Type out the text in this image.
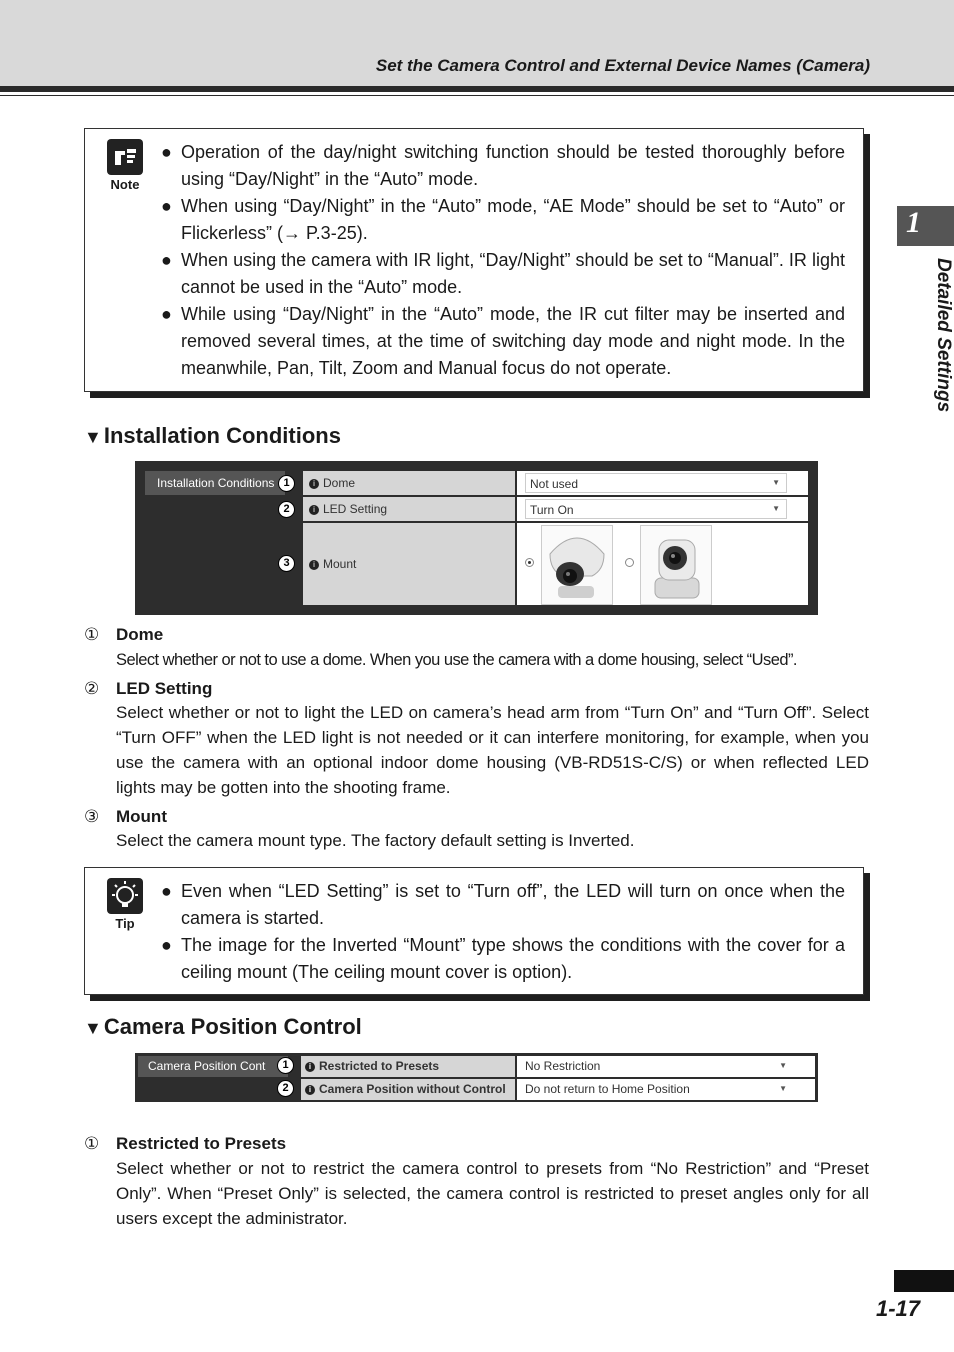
Set the Camera Control and External Device Names (Camera)
Note
● Operation of the day/night switching function should be tested thoroughly before using “Day/Night” in the “Auto” mode.
● When using “Day/Night” in the “Auto” mode, “AE Mode” should be set to “Auto” or Flickerless” (→ P.3-25).
● When using the camera with IR light, “Day/Night” should be set to “Manual”. IR light cannot be used in the “Auto” mode.
● While using “Day/Night” in the “Auto” mode, the IR cut filter may be inserted and removed several times, at the time of switching day mode and night mode. In the meanwhile, Pan, Tilt, Zoom and Manual focus do not operate.
▼Installation Conditions
Installation Conditions 1	i Dome	Not used	▼
2	i LED Setting	Turn On	▼
3	i Mount
① Dome
Select whether or not to use a dome. When you use the camera with a dome housing, select “Used”.
② LED Setting
Select whether or not to light the LED on camera’s head arm from “Turn On” and “Turn Off”. Select “Turn OFF” when the LED light is not needed or it can interfere monitoring, for example, when you use the camera with an optional indoor dome housing (VB-RD51S-C/S) or when reflected LED lights may be gotten into the shooting frame.
③ Mount
Select the camera mount type. The factory default setting is Inverted.
Tip
● Even when “LED Setting” is set to “Turn off”, the LED will turn on once when the camera is started.
● The image for the Inverted “Mount” type shows the conditions with the cover for a ceiling mount (The ceiling mount cover is option).
▼Camera Position Control
Camera Position Cont	1	i Restricted to Presets	No Restriction	▼
2	i Camera Position without Control	Do not return to Home Position	▼
① Restricted to Presets
Select whether or not to restrict the camera control to presets from “No Restriction” and “Preset Only”. When “Preset Only” is selected, the camera control is restricted to preset angles only for all users except the administrator.
1
Detailed Settings
1-17
